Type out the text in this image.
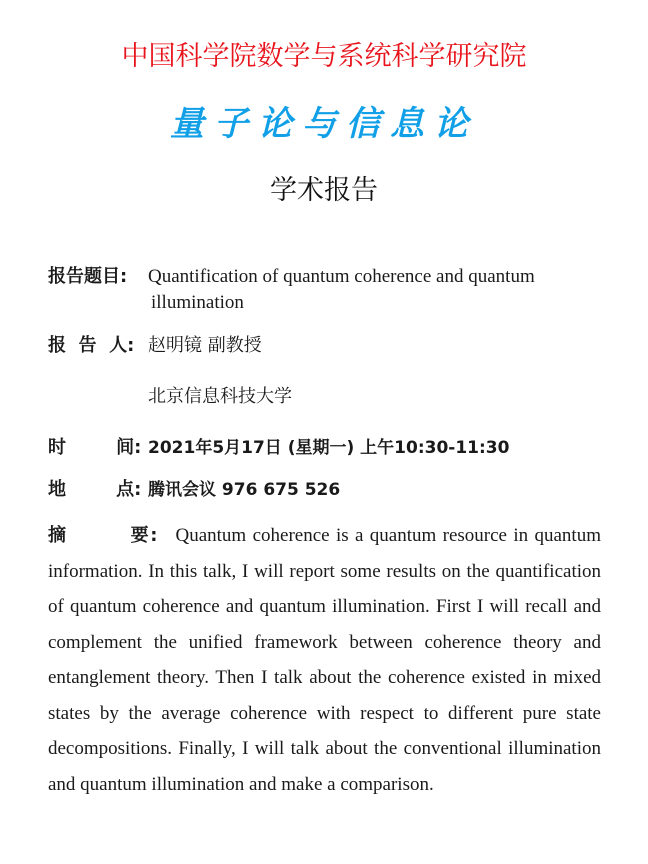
中国科学院数学与系统科学研究院
量子论与信息论
学术报告
报告题目: Quantification of quantum coherence and quantum
illumination
报  告  人: 赵明镜 副教授
北京信息科技大学
时        间: 2021年5月17日 (星期一) 上午10:30-11:30
地        点: 腾讯会议 976 675 526
摘        要: Quantum coherence is a quantum resource in quantum information. In this talk, I will report some results on the quantification of quantum coherence and quantum illumination. First I will recall and complement the unified framework between coherence theory and entanglement theory. Then I talk about the coherence existed in mixed states by the average coherence with respect to different pure state decompositions. Finally, I will talk about the conventional illumination and quantum illumination and make a comparison.
